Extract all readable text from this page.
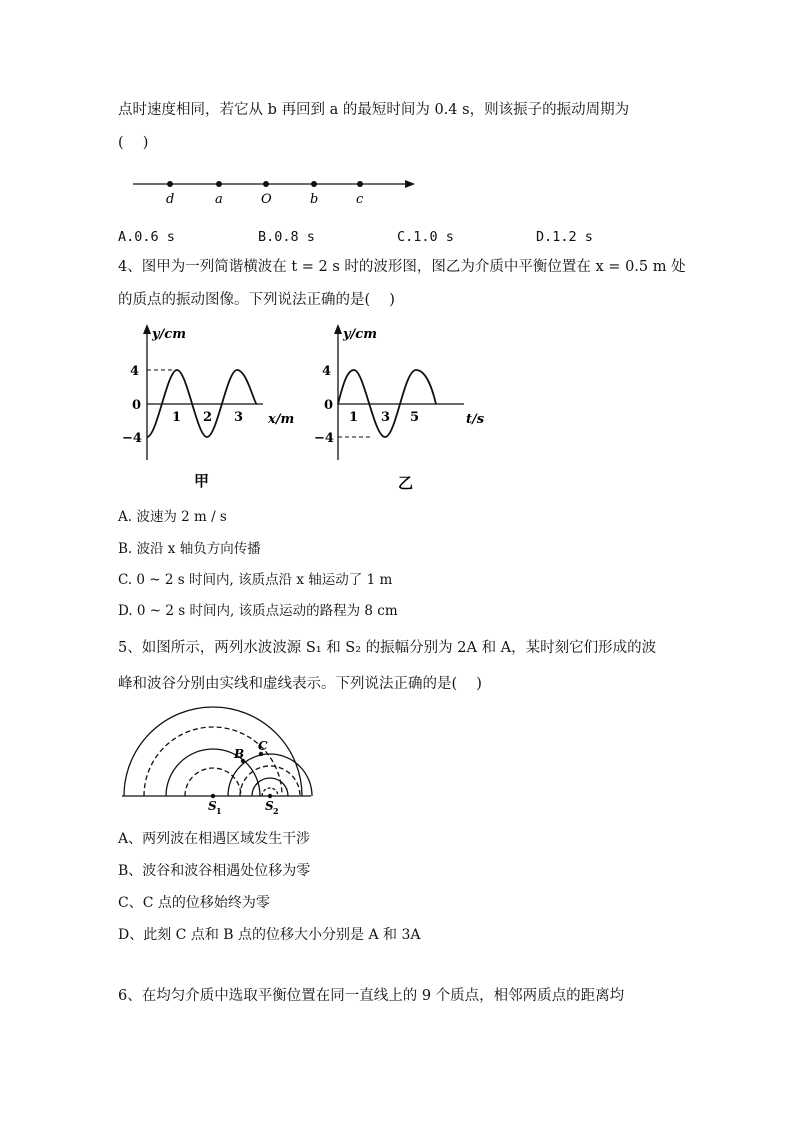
点时速度相同，若它从 b 再回到 a 的最短时间为 0.4 s，则该振子的振动周期为
(　 )
d	a	O	b	c
A.0.6 s	B.0.8 s	C.1.0 s	D.1.2 s
4、图甲为一列简谐横波在 t = 2 s 时的波形图，图乙为介质中平衡位置在 x = 0.5 m 处
的质点的振动图像。下列说法正确的是(　 )
y/cm
4
0
−4
1 2 3 x/m
甲
y/cm
4
0
−4
1 3 5	t/s
乙
A. 波速为 2 m / s
B. 波沿 x 轴负方向传播
C. 0 ~ 2 s 时间内, 该质点沿 x 轴运动了 1 m
D. 0 ~ 2 s 时间内, 该质点运动的路程为 8 cm
5、如图所示，两列水波波源 S₁ 和 S₂ 的振幅分别为 2A 和 A，某时刻它们形成的波
峰和波谷分别由实线和虚线表示。下列说法正确的是(　 )
B
C
S 1	S 2
A、两列波在相遇区域发生干涉
B、波谷和波谷相遇处位移为零
C、C 点的位移始终为零
D、此刻 C 点和 B 点的位移大小分别是 A 和 3A
6、在均匀介质中选取平衡位置在同一直线上的 9 个质点，相邻两质点的距离均
